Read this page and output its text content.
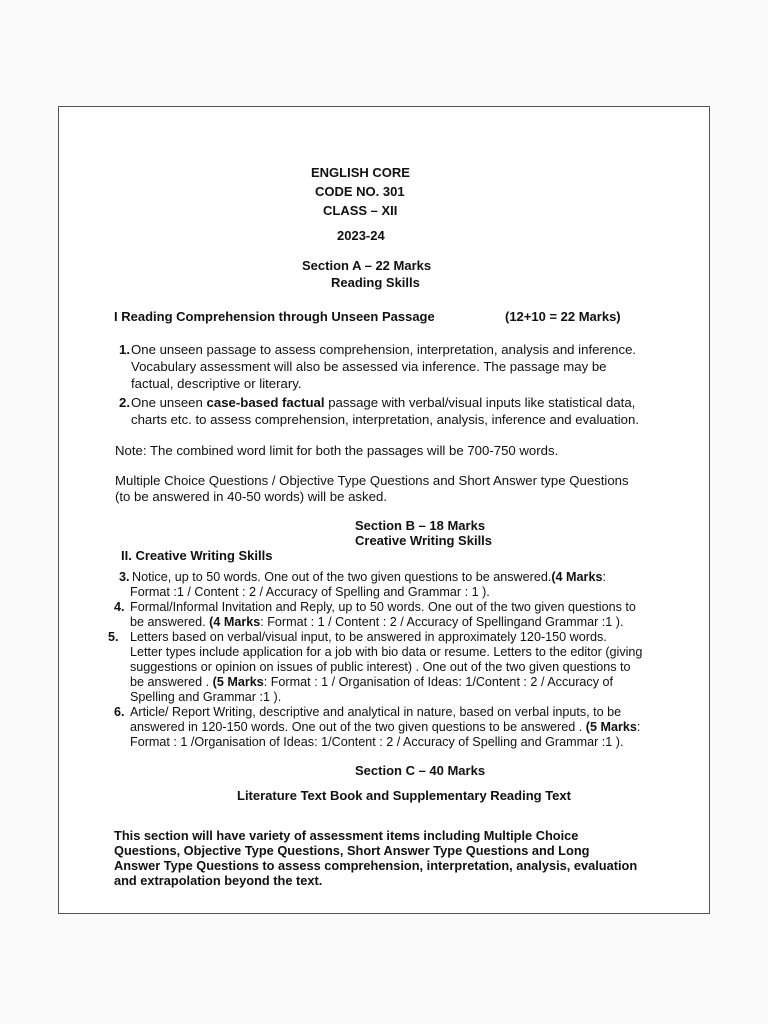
ENGLISH CORE
CODE NO. 301
CLASS – XII
2023-24
Section A – 22 Marks
Reading Skills
I Reading Comprehension through Unseen Passage	(12+10 = 22 Marks)
1. One unseen passage to assess comprehension, interpretation, analysis and inference.
Vocabulary assessment will also be assessed via inference. The passage may be
factual, descriptive or literary.
2. One unseen case-based factual passage with verbal/visual inputs like statistical data,
charts etc. to assess comprehension, interpretation, analysis, inference and evaluation.
Note: The combined word limit for both the passages will be 700-750 words.
Multiple Choice Questions / Objective Type Questions and Short Answer type Questions
(to be answered in 40-50 words) will be asked.
Section B – 18 Marks
Creative Writing Skills
II. Creative Writing Skills
3. Notice, up to 50 words. One out of the two given questions to be answered.(4 Marks:
Format :1 / Content : 2 / Accuracy of Spelling and Grammar : 1 ).
4. Formal/Informal Invitation and Reply, up to 50 words. One out of the two given questions to
be answered. (4 Marks: Format : 1 / Content : 2 / Accuracy of Spellingand Grammar :1 ).
5. Letters based on verbal/visual input, to be answered in approximately 120-150 words.
Letter types include application for a job with bio data or resume. Letters to the editor (giving
suggestions or opinion on issues of public interest) . One out of the two given questions to
be answered . (5 Marks: Format : 1 / Organisation of Ideas: 1/Content : 2 / Accuracy of
Spelling and Grammar :1 ).
6. Article/ Report Writing, descriptive and analytical in nature, based on verbal inputs, to be
answered in 120-150 words. One out of the two given questions to be answered . (5 Marks:
Format : 1 /Organisation of Ideas: 1/Content : 2 / Accuracy of Spelling and Grammar :1 ).
Section C – 40 Marks
Literature Text Book and Supplementary Reading Text
This section will have variety of assessment items including Multiple Choice
Questions, Objective Type Questions, Short Answer Type Questions and Long
Answer Type Questions to assess comprehension, interpretation, analysis, evaluation
and extrapolation beyond the text.
